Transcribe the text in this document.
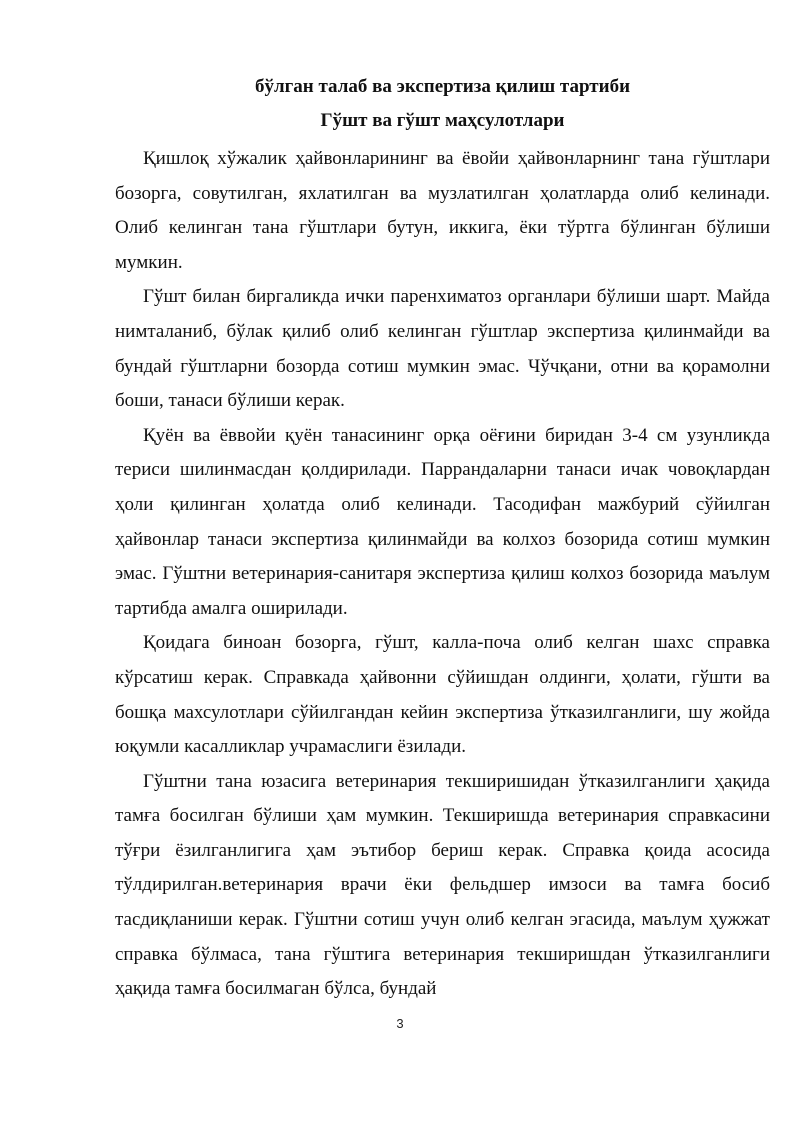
бўлган талаб ва экспертиза қилиш тартиби

Гўшт ва гўшт маҳсулотлари

Қишлоқ хўжалик ҳайвонларининг ва ёвойи ҳайвонларнинг тана гўштлари бозорга, совутилган, яхлатилган ва музлатилган ҳолатларда олиб келинади. Олиб келинган тана гўштлари бутун, иккига, ёки тўртга бўлинган бўлиши мумкин.

Гўшт билан биргаликда ички паренхиматоз органлари бўлиши шарт. Майда нимталаниб, бўлак қилиб олиб келинган гўштлар экспертиза қилинмайди ва бундай гўштларни бозорда сотиш мумкин эмас. Чўчқани, отни ва қорамолни боши, танаси бўлиши керак.

Қуён ва ёввойи қуён танасининг орқа оёғини биридан 3-4 см узунликда териси шилинмасдан қолдирилади. Паррандаларни танаси ичак човоқлардан ҳоли қилинган ҳолатда олиб келинади. Тасодифан мажбурий сўйилган ҳайвонлар танаси экспертиза қилинмайди ва колхоз бозорида сотиш мумкин эмас. Гўштни ветеринария-санитаря экспертиза қилиш колхоз бозорида маълум тартибда амалга оширилади.

Қоидага биноан бозорга, гўшт, калла-поча олиб келган шахс справка кўрсатиш керак. Справкада ҳайвонни сўйишдан олдинги, ҳолати, гўшти ва бошқа махсулотлари сўйилгандан кейин экспертиза ўтказилганлиги, шу жойда юқумли касалликлар учрамаслиги ёзилади.

Гўштни тана юзасига ветеринария текширишидан ўтказилганлиги ҳақида тамға босилган бўлиши ҳам мумкин. Текширишда ветеринария справкасини тўғри ёзилганлигига ҳам эътибор бериш керак. Справка қоида асосида тўлдирилган.ветеринария врачи ёки фельдшер имзоси ва тамға босиб тасдиқланиши керак. Гўштни сотиш учун олиб келган эгасида, маълум ҳужжат справка бўлмаса, тана гўштига ветеринария текширишдан ўтказилганлиги ҳақида тамға босилмаган бўлса, бундай

3
